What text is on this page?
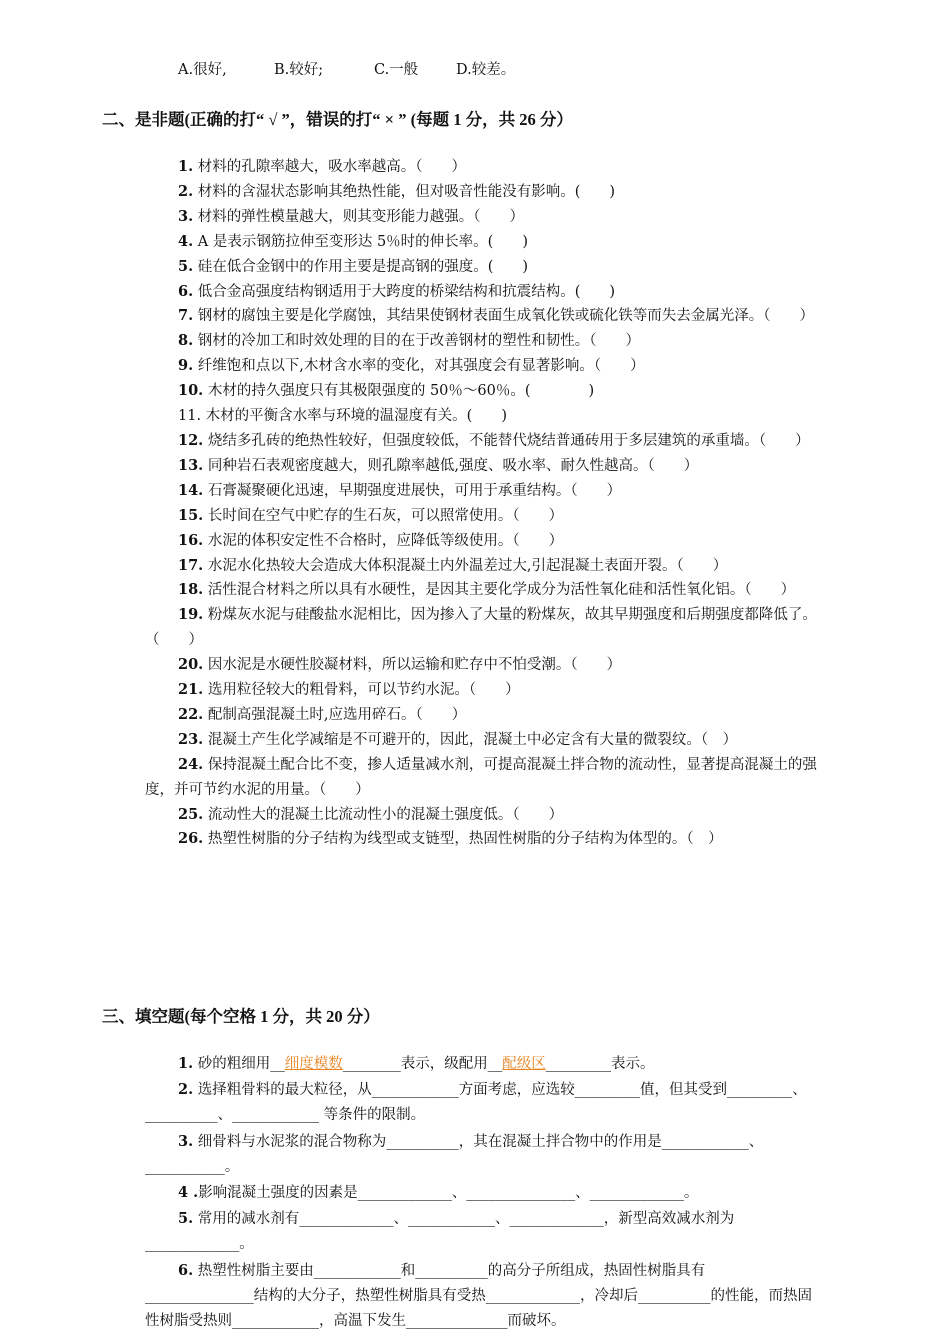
A.很好,	B.较好;	C.一般	D.较差。
二、是非题(正确的打“ √ ”，错误的打“ × ” (每题 1 分，共 26 分）
1. 材料的孔隙率越大，吸水率越高。（　　）
2. 材料的含湿状态影响其绝热性能，但对吸音性能没有影响。(　　)
3. 材料的弹性模量越大，则其变形能力越强。（　　）
4. A 是表示钢筋拉伸至变形达 5％时的伸长率。(　　)
5. 硅在低合金钢中的作用主要是提高钢的强度。(　　)
6. 低合金高强度结构钢适用于大跨度的桥梁结构和抗震结构。(　　)
7. 钢材的腐蚀主要是化学腐蚀，其结果使钢材表面生成氧化铁或硫化铁等而失去金属光泽。（　　）
8. 钢材的冷加工和时效处理的目的在于改善钢材的塑性和韧性。（　　）
9. 纤维饱和点以下,木材含水率的变化，对其强度会有显著影响。（　　）
10. 木材的持久强度只有其极限强度的 50％～60％。(　　　　)
11. 木材的平衡含水率与环境的温湿度有关。(　　)
12. 烧结多孔砖的绝热性较好，但强度较低，不能替代烧结普通砖用于多层建筑的承重墙。（　　）
13. 同种岩石表观密度越大，则孔隙率越低,强度、吸水率、耐久性越高。（　　）
14. 石膏凝聚硬化迅速，早期强度进展快，可用于承重结构。（　　）
15. 长时间在空气中贮存的生石灰，可以照常使用。（　　）
16. 水泥的体积安定性不合格时，应降低等级使用。（　　）
17. 水泥水化热较大会造成大体积混凝土内外温差过大,引起混凝土表面开裂。（　　）
18. 活性混合材料之所以具有水硬性，是因其主要化学成分为活性氧化硅和活性氧化铝。（　　）
19. 粉煤灰水泥与硅酸盐水泥相比，因为掺入了大量的粉煤灰，故其早期强度和后期强度都降低了。（　　）
20. 因水泥是水硬性胶凝材料，所以运输和贮存中不怕受潮。（　　）
21. 选用粒径较大的粗骨料，可以节约水泥。（　　）
22. 配制高强混凝土时,应选用碎石。（　　）
23. 混凝土产生化学减缩是不可避开的，因此，混凝土中必定含有大量的微裂纹。（　）
24. 保持混凝土配合比不变，掺人适量减水剂，可提高混凝土拌合物的流动性，显著提高混凝土的强度，并可节约水泥的用量。（　　）
25. 流动性大的混凝土比流动性小的混凝土强度低。（　　）
26. 热塑性树脂的分子结构为线型或支链型，热固性树脂的分子结构为体型的。（　）
三、填空题(每个空格 1 分，共 20 分）
1. 砂的粗细用__细度模数________表示，级配用__配级区_________表示。
2. 选择粗骨料的最大粒径，从____________方面考虑，应选较_________值，但其受到_________、__________、____________ 等条件的限制。
3. 细骨料与水泥浆的混合物称为__________，其在混凝土拌合物中的作用是____________、___________。
4 .影响混凝土强度的因素是_____________、_______________、_____________。
5. 常用的减水剂有_____________、____________、_____________，新型高效减水剂为_____________。
6. 热塑性树脂主要由____________和__________的高分子所组成，热固性树脂具有_______________结构的大分子，热塑性树脂具有受热_____________，冷却后__________的性能，而热固性树脂受热则____________，高温下发生______________而破坏。
